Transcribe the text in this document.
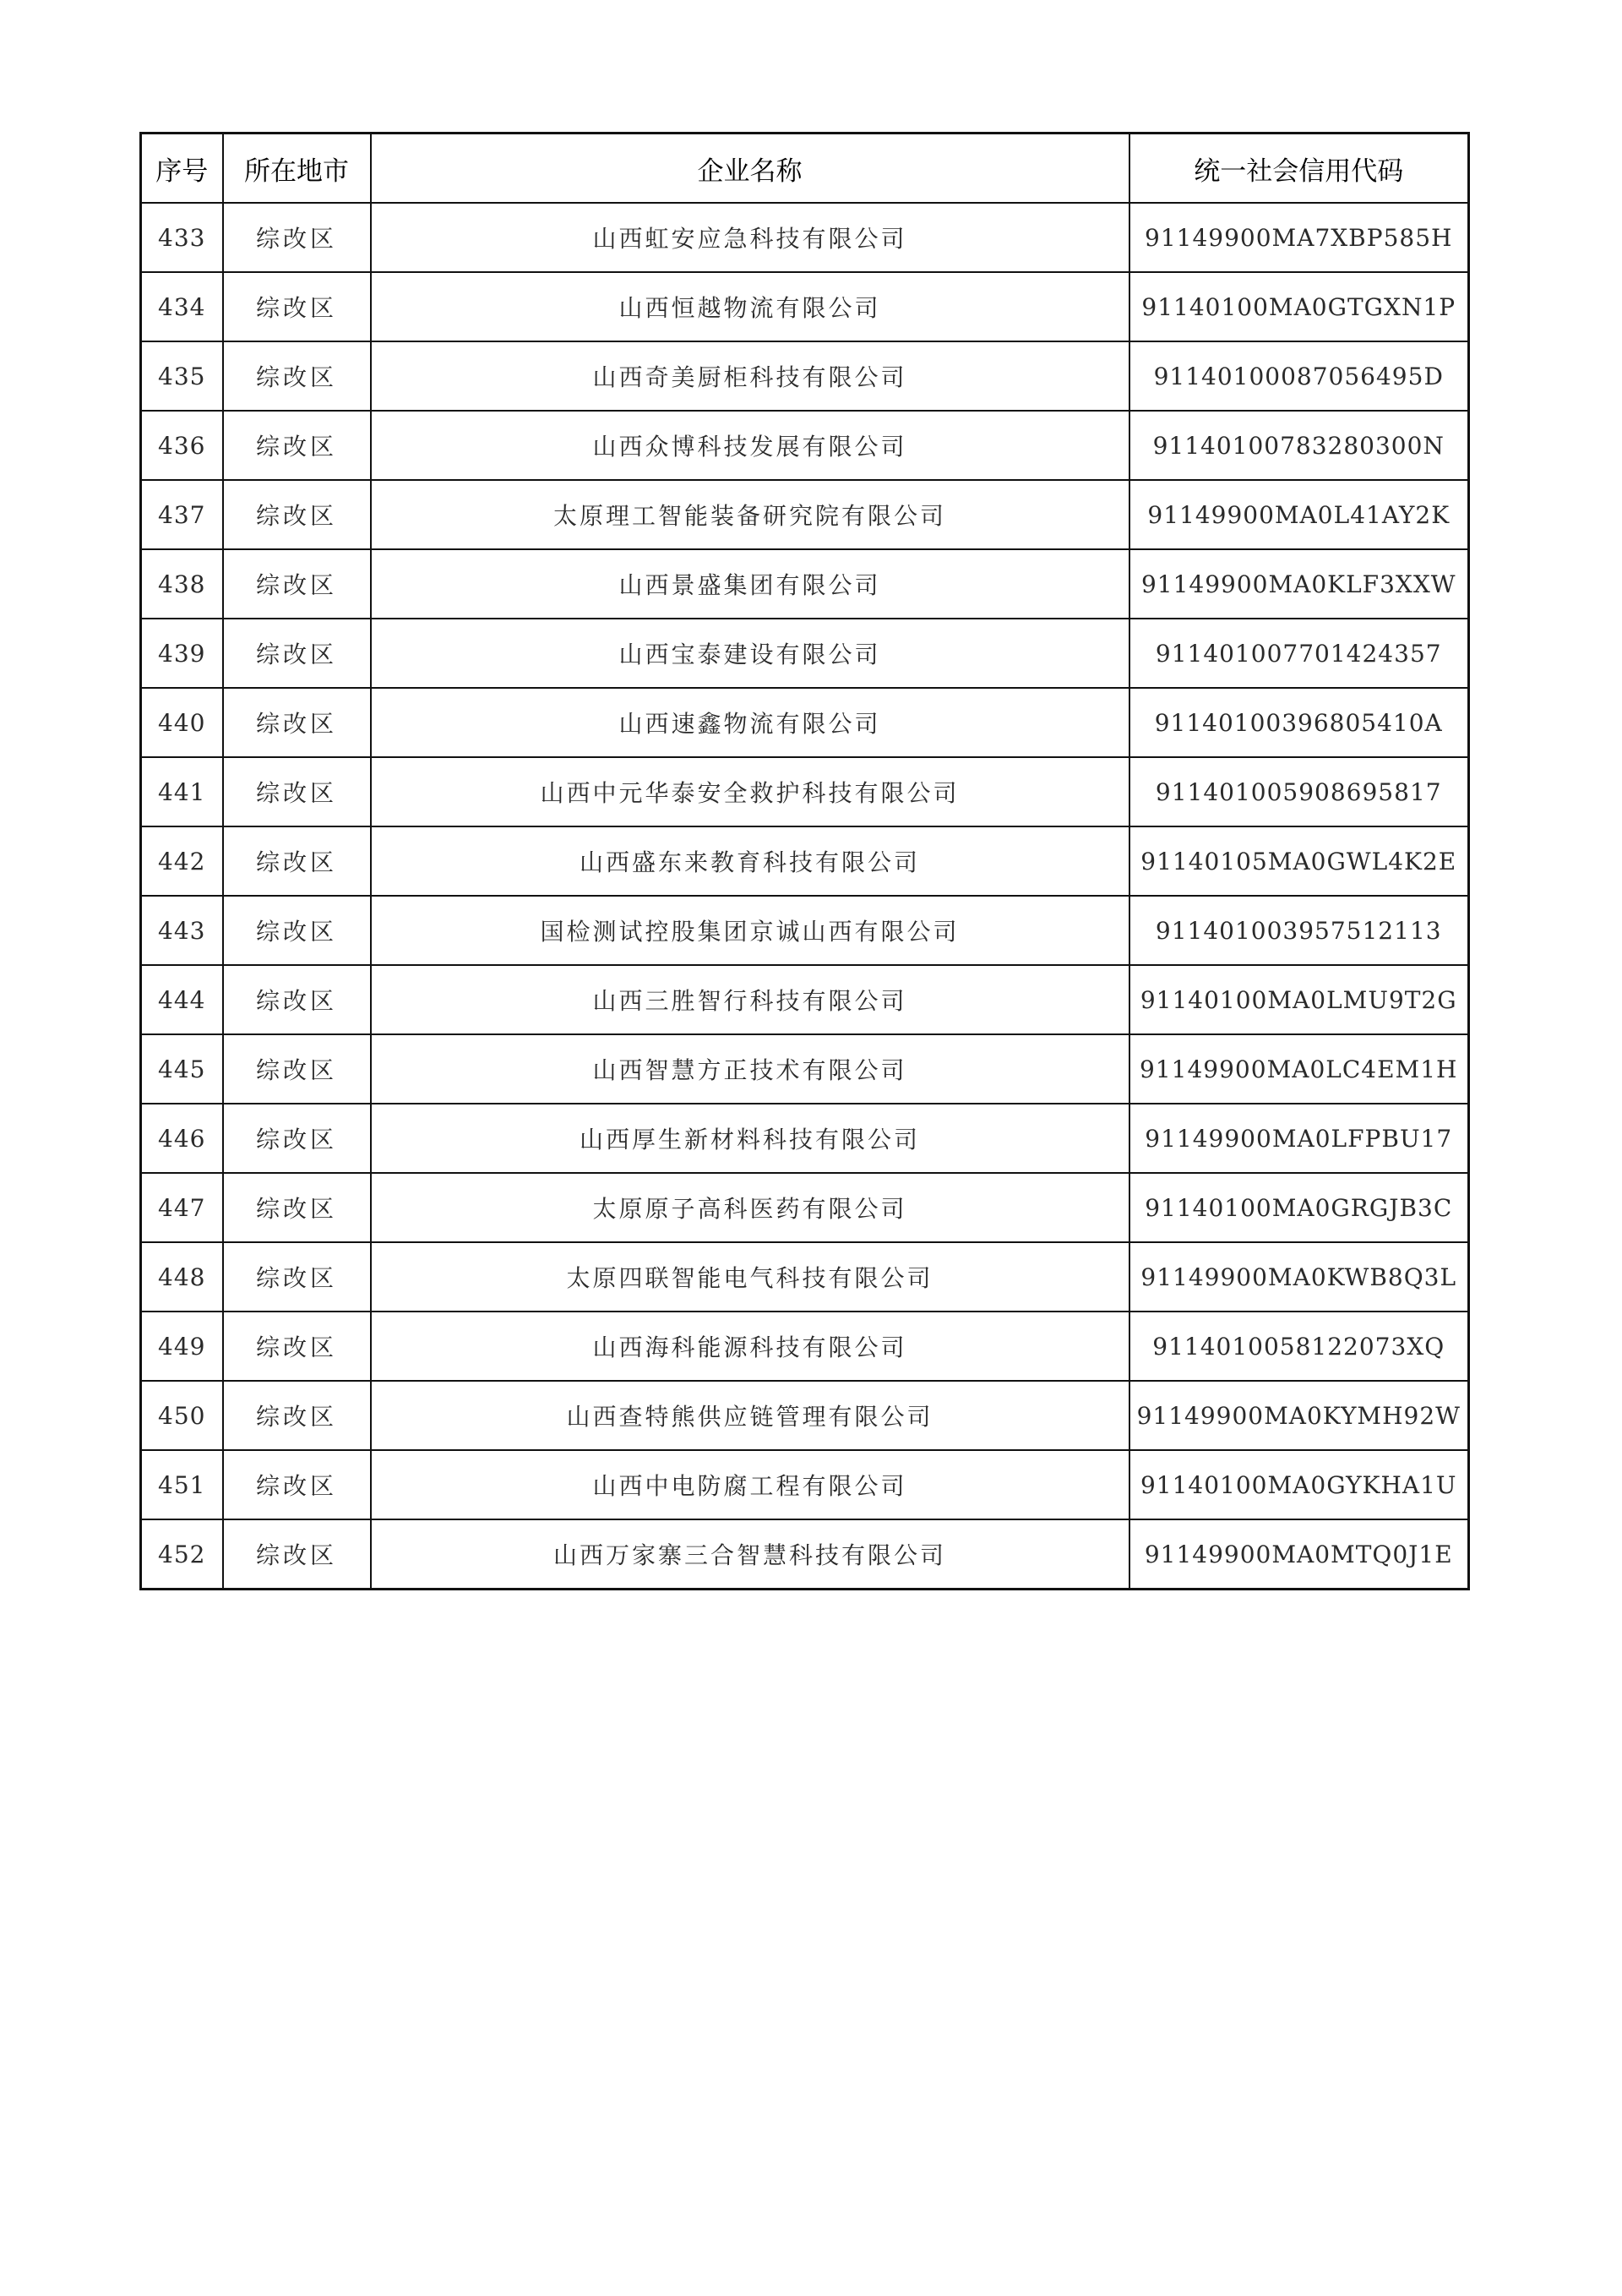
序号	所在地市	企业名称	统一社会信用代码
433	综改区	山西虹安应急科技有限公司	91149900MA7XBP585H
434	综改区	山西恒越物流有限公司	91140100MA0GTGXN1P
435	综改区	山西奇美厨柜科技有限公司	91140100087056495D
436	综改区	山西众博科技发展有限公司	91140100783280300N
437	综改区	太原理工智能装备研究院有限公司	91149900MA0L41AY2K
438	综改区	山西景盛集团有限公司	91149900MA0KLF3XXW
439	综改区	山西宝泰建设有限公司	911401007701424357
440	综改区	山西速鑫物流有限公司	91140100396805410A
441	综改区	山西中元华泰安全救护科技有限公司	911401005908695817
442	综改区	山西盛东来教育科技有限公司	91140105MA0GWL4K2E
443	综改区	国检测试控股集团京诚山西有限公司	911401003957512113
444	综改区	山西三胜智行科技有限公司	91140100MA0LMU9T2G
445	综改区	山西智慧方正技术有限公司	91149900MA0LC4EM1H
446	综改区	山西厚生新材料科技有限公司	91149900MA0LFPBU17
447	综改区	太原原子高科医药有限公司	91140100MA0GRGJB3C
448	综改区	太原四联智能电气科技有限公司	91149900MA0KWB8Q3L
449	综改区	山西海科能源科技有限公司	9114010058122073XQ
450	综改区	山西查特熊供应链管理有限公司	91149900MA0KYMH92W
451	综改区	山西中电防腐工程有限公司	91140100MA0GYKHA1U
452	综改区	山西万家寨三合智慧科技有限公司	91149900MA0MTQ0J1E
